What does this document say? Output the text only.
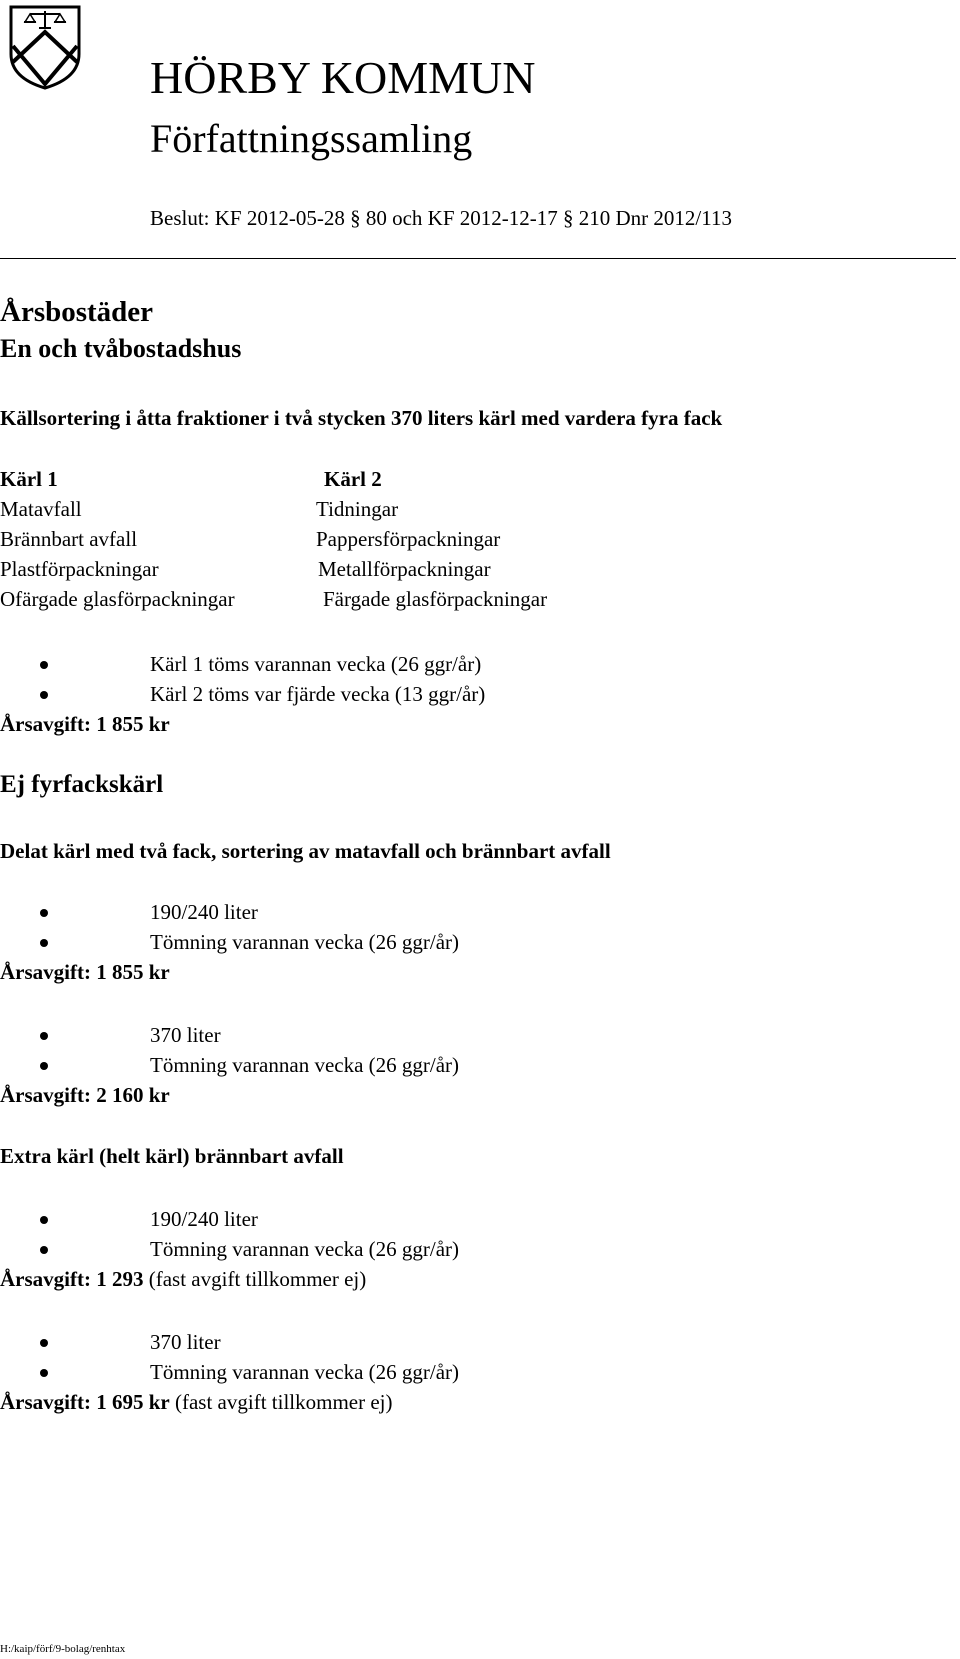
HÖRBY KOMMUN
Författningssamling
Beslut: KF 2012-05-28 § 80 och KF 2012-12-17 § 210 Dnr 2012/113
Årsbostäder
En och tvåbostadshus
Källsortering i åtta fraktioner i två stycken 370 liters kärl med vardera fyra fack
Kärl 1
Matavfall
Brännbart avfall
Plastförpackningar
Ofärgade glasförpackningar
Kärl 2
Tidningar
Pappersförpackningar
Metallförpackningar
Färgade glasförpackningar
Kärl 1 töms varannan vecka (26 ggr/år)
Kärl 2 töms var fjärde vecka (13 ggr/år)
Årsavgift: 1 855 kr
Ej fyrfackskärl
Delat kärl med två fack, sortering av matavfall och brännbart avfall
190/240 liter
Tömning varannan vecka (26 ggr/år)
Årsavgift: 1 855 kr
370 liter
Tömning varannan vecka (26 ggr/år)
Årsavgift: 2 160 kr
Extra kärl (helt kärl) brännbart avfall
190/240 liter
Tömning varannan vecka (26 ggr/år)
Årsavgift: 1 293 (fast avgift tillkommer ej)
370 liter
Tömning varannan vecka (26 ggr/år)
Årsavgift: 1 695 kr (fast avgift tillkommer ej)
H:/kaip/förf/9-bolag/renhtax
